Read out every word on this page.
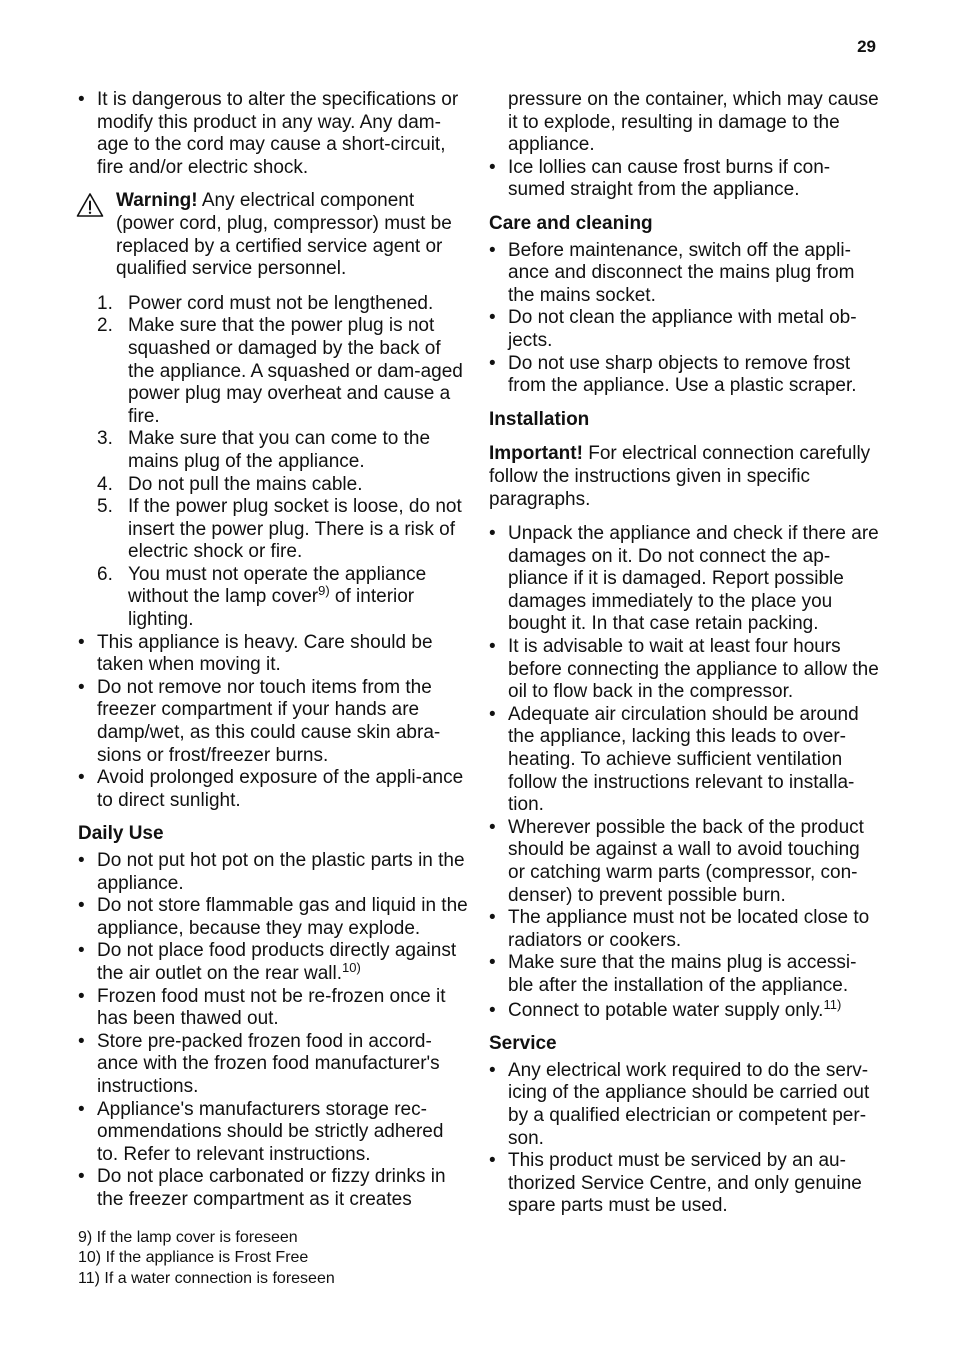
29
• It is dangerous to alter the specifications or modify this product in any way. Any dam-age to the cord may cause a short-circuit, fire and/or electric shock.
Warning! Any electrical component (power cord, plug, compressor) must be replaced by a certified service agent or qualified service personnel.
1. Power cord must not be lengthened.
2. Make sure that the power plug is not squashed or damaged by the back of the appliance. A squashed or dam-aged power plug may overheat and cause a fire.
3. Make sure that you can come to the mains plug of the appliance.
4. Do not pull the mains cable.
5. If the power plug socket is loose, do not insert the power plug. There is a risk of electric shock or fire.
6. You must not operate the appliance without the lamp cover$^{9)}$ of interior lighting.
• This appliance is heavy. Care should be taken when moving it.
• Do not remove nor touch items from the freezer compartment if your hands are damp/wet, as this could cause skin abra-sions or frost/freezer burns.
• Avoid prolonged exposure of the appli-ance to direct sunlight.
Daily Use
• Do not put hot pot on the plastic parts in the appliance.
• Do not store flammable gas and liquid in the appliance, because they may explode.
• Do not place food products directly against the air outlet on the rear wall.$^{10)}$
• Frozen food must not be re-frozen once it has been thawed out.
• Store pre-packed frozen food in accord-ance with the frozen food manufacturer's instructions.
• Appliance's manufacturers storage rec-ommendations should be strictly adhered to. Refer to relevant instructions.
• Do not place carbonated or fizzy drinks in the freezer compartment as it creates
pressure on the container, which may cause it to explode, resulting in damage to the appliance.
• Ice lollies can cause frost burns if con-sumed straight from the appliance.
Care and cleaning
• Before maintenance, switch off the appli-ance and disconnect the mains plug from the mains socket.
• Do not clean the appliance with metal ob-jects.
• Do not use sharp objects to remove frost from the appliance. Use a plastic scraper.
Installation
Important! For electrical connection carefully follow the instructions given in specific paragraphs.
• Unpack the appliance and check if there are damages on it. Do not connect the ap-pliance if it is damaged. Report possible damages immediately to the place you bought it. In that case retain packing.
• It is advisable to wait at least four hours before connecting the appliance to allow the oil to flow back in the compressor.
• Adequate air circulation should be around the appliance, lacking this leads to over-heating. To achieve sufficient ventilation follow the instructions relevant to installa-tion.
• Wherever possible the back of the product should be against a wall to avoid touching or catching warm parts (compressor, con-denser) to prevent possible burn.
• The appliance must not be located close to radiators or cookers.
• Make sure that the mains plug is accessi-ble after the installation of the appliance.
• Connect to potable water supply only.$^{11)}$
Service
• Any electrical work required to do the serv-icing of the appliance should be carried out by a qualified electrician or competent per-son.
• This product must be serviced by an au-thorized Service Centre, and only genuine spare parts must be used.
9) If the lamp cover is foreseen
10) If the appliance is Frost Free
11) If a water connection is foreseen
